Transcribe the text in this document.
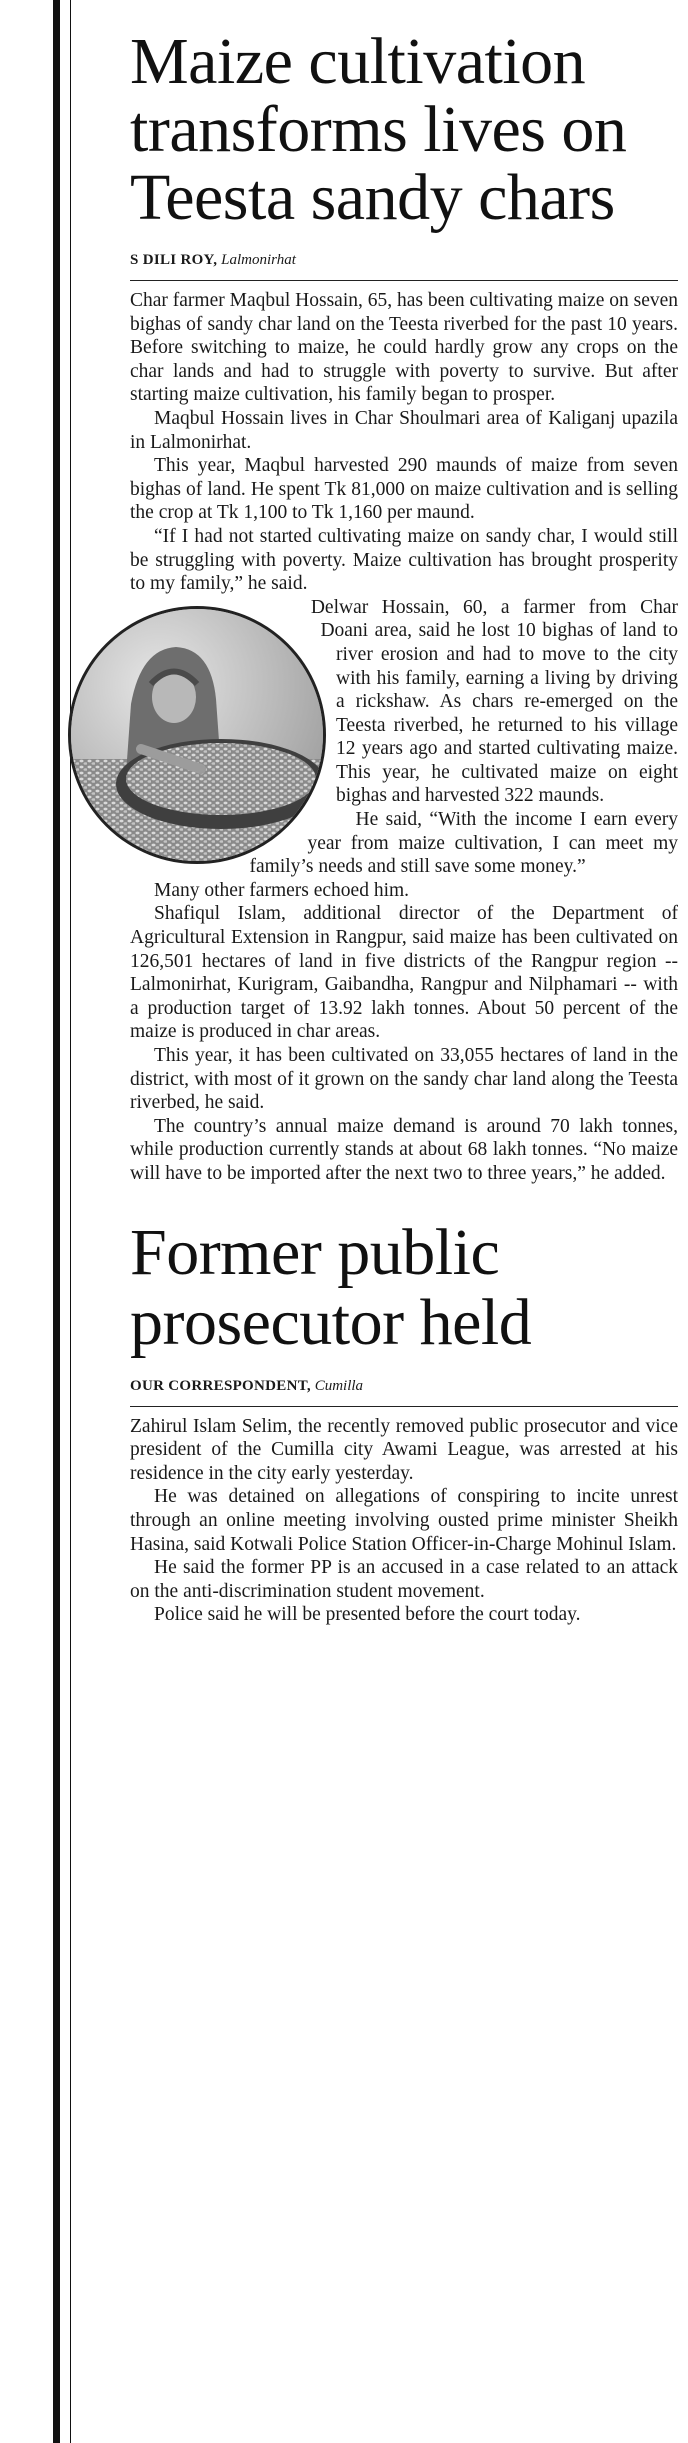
Maize cultivation transforms lives on Teesta sandy chars
S DILI ROY, Lalmonirhat

Char farmer Maqbul Hossain, 65, has been cultivating maize on seven bighas of sandy char land on the Teesta riverbed for the past 10 years. Before switching to maize, he could hardly grow any crops on the char lands and had to struggle with poverty to survive. But after starting maize cultivation, his family began to prosper.

Maqbul Hossain lives in Char Shoulmari area of Kaliganj upazila in Lalmonirhat.

This year, Maqbul harvested 290 maunds of maize from seven bighas of land. He spent Tk 81,000 on maize cultivation and is selling the crop at Tk 1,100 to Tk 1,160 per maund.

“If I had not started cultivating maize on sandy char, I would still be struggling with poverty. Maize cultivation has brought prosperity to my family,” he said.

Delwar Hossain, 60, a farmer from Char Doani area, said he lost 10 bighas of land to river erosion and had to move to the city with his family, earning a living by driving a rickshaw. As chars re-emerged on the Teesta riverbed, he returned to his village 12 years ago and started cultivating maize. This year, he cultivated maize on eight bighas and harvested 322 maunds.

He said, “With the income I earn every year from maize cultivation, I can meet my family’s needs and still save some money.”

Many other farmers echoed him.

Shafiqul Islam, additional director of the Department of Agricultural Extension in Rangpur, said maize has been cultivated on 126,501 hectares of land in five districts of the Rangpur region -- Lalmonirhat, Kurigram, Gaibandha, Rangpur and Nilphamari -- with a production target of 13.92 lakh tonnes. About 50 percent of the maize is produced in char areas.

This year, it has been cultivated on 33,055 hectares of land in the district, with most of it grown on the sandy char land along the Teesta riverbed, he said.

The country’s annual maize demand is around 70 lakh tonnes, while production currently stands at about 68 lakh tonnes. “No maize will have to be imported after the next two to three years,” he added.

Former public prosecutor held
OUR CORRESPONDENT, Cumilla

Zahirul Islam Selim, the recently removed public prosecutor and vice president of the Cumilla city Awami League, was arrested at his residence in the city early yesterday.

He was detained on allegations of conspiring to incite unrest through an online meeting involving ousted prime minister Sheikh Hasina, said Kotwali Police Station Officer-in-Charge Mohinul Islam.

He said the former PP is an accused in a case related to an attack on the anti-discrimination student movement.

Police said he will be presented before the court today.
